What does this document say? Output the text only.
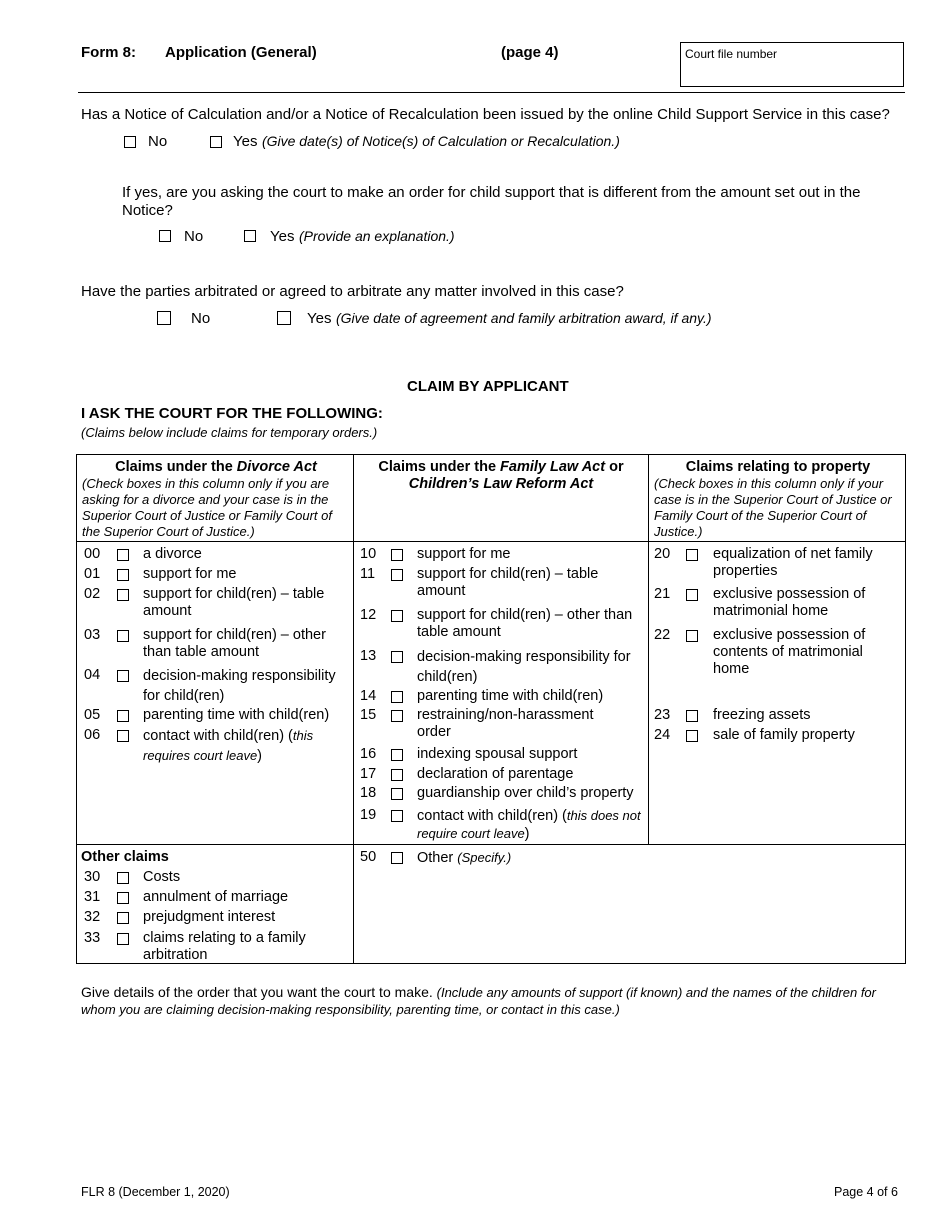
Form 8: Application (General)	(page 4)	Court file number
Has a Notice of Calculation and/or a Notice of Recalculation been issued by the online Child Support Service in this case?
No	Yes (Give date(s) of Notice(s) of Calculation or Recalculation.)
If yes, are you asking the court to make an order for child support that is different from the amount set out in the Notice?
No	Yes (Provide an explanation.)
Have the parties arbitrated or agreed to arbitrate any matter involved in this case?
No	Yes (Give date of agreement and family arbitration award, if any.)
CLAIM BY APPLICANT
I ASK THE COURT FOR THE FOLLOWING:
(Claims below include claims for temporary orders.)
Claims under the Divorce Act
(Check boxes in this column only if you are asking for a divorce and your case is in the Superior Court of Justice or Family Court of the Superior Court of Justice.)
Claims under the Family Law Act or
Children’s Law Reform Act
Claims relating to property
(Check boxes in this column only if your case is in the Superior Court of Justice or Family Court of the Superior Court of Justice.)
00	a divorce
01	support for me
02	support for child(ren) – table amount
03	support for child(ren) – other than table amount
04	decision-making responsibility for child(ren)
05	parenting time with child(ren)
06	contact with child(ren) (this requires court leave)
10	support for me
11	support for child(ren) – table amount
12	support for child(ren) – other than table amount
13	decision-making responsibility for child(ren)
14	parenting time with child(ren)
15	restraining/non-harassment order
16	indexing spousal support
17	declaration of parentage
18	guardianship over child’s property
19	contact with child(ren) (this does not require court leave)
20	equalization of net family properties
21	exclusive possession of matrimonial home
22	exclusive possession of contents of matrimonial home
23	freezing assets
24	sale of family property
Other claims
30	Costs
31	annulment of marriage
32	prejudgment interest
33	claims relating to a family arbitration
50	Other (Specify.)
Give details of the order that you want the court to make. (Include any amounts of support (if known) and the names of the children for whom you are claiming decision-making responsibility, parenting time, or contact in this case.)
FLR 8 (December 1, 2020)	Page 4 of 6
